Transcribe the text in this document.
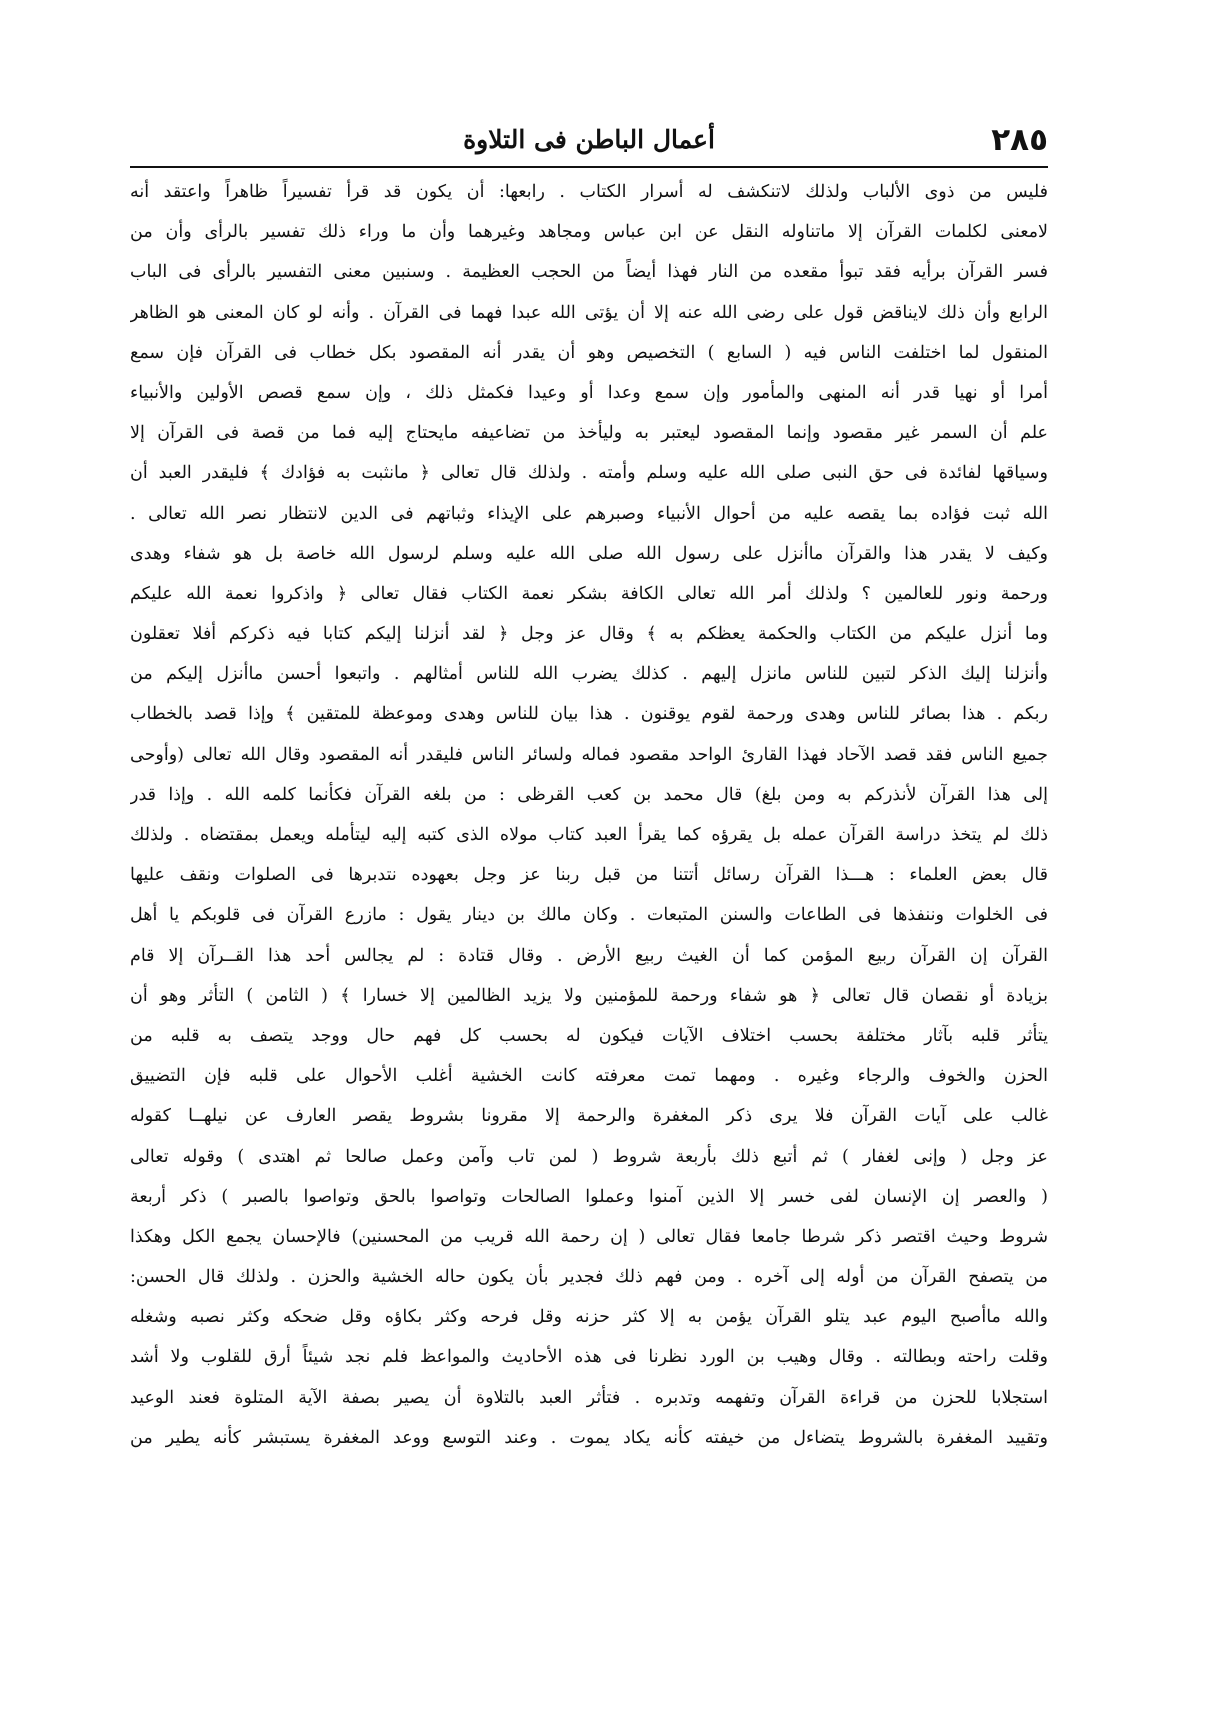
٢٨٥
أعمال الباطن فى التلاوة
فليس من ذوى الألباب ولذلك لاتنكشف له أسرار الكتاب . رابعها: أن يكون قد قرأ تفسيراً ظاهراً واعتقد أنه
لامعنى لكلمات القرآن إلا ماتناوله النقل عن ابن عباس ومجاهد وغيرهما وأن ما وراء ذلك تفسير بالرأى وأن من
فسر القرآن برأيه فقد تبوأ مقعده من النار فهذا أيضاً من الحجب العظيمة . وسنبين معنى التفسير بالرأى فى الباب
الرابع وأن ذلك لايناقض قول على رضى الله عنه إلا أن يؤتى الله عبدا فهما فى القرآن . وأنه لو كان المعنى هو الظاهر
المنقول لما اختلفت الناس فيه ( السابع ) التخصيص وهو أن يقدر أنه المقصود بكل خطاب فى القرآن فإن سمع
أمرا أو نهيا قدر أنه المنهى والمأمور وإن سمع وعدا أو وعيدا فكمثل ذلك ، وإن سمع قصص الأولين والأنبياء
علم أن السمر غير مقصود وإنما المقصود ليعتبر به وليأخذ من تضاعيفه مايحتاج إليه فما من قصة فى القرآن إلا
وسياقها لفائدة فى حق النبى صلى الله عليه وسلم وأمته . ولذلك قال تعالى ﴿ مانثبت به فؤادك ﴾ فليقدر العبد أن
الله ثبت فؤاده بما يقصه عليه من أحوال الأنبياء وصبرهم على الإيذاء وثباتهم فى الدين لانتظار نصر الله تعالى .
وكيف لا يقدر هذا والقرآن ماأنزل على رسول الله صلى الله عليه وسلم لرسول الله خاصة بل هو شفاء وهدى
ورحمة ونور للعالمين ؟ ولذلك أمر الله تعالى الكافة بشكر نعمة الكتاب فقال تعالى ﴿ واذكروا نعمة الله عليكم
وما أنزل عليكم من الكتاب والحكمة يعظكم به ﴾ وقال عز وجل ﴿ لقد أنزلنا إليكم كتابا فيه ذكركم أفلا تعقلون
وأنزلنا إليك الذكر لتبين للناس مانزل إليهم . كذلك يضرب الله للناس أمثالهم . واتبعوا أحسن ماأنزل إليكم من
ربكم . هذا بصائر للناس وهدى ورحمة لقوم يوقنون . هذا بيان للناس وهدى وموعظة للمتقين ﴾ وإذا قصد بالخطاب
جميع الناس فقد قصد الآحاد فهذا القارئ الواحد مقصود فماله ولسائر الناس فليقدر أنه المقصود وقال الله تعالى (وأوحى
إلى هذا القرآن لأنذركم به ومن بلغ) قال محمد بن كعب القرظى : من بلغه القرآن فكأنما كلمه الله . وإذا قدر
ذلك لم يتخذ دراسة القرآن عمله بل يقرؤه كما يقرأ العبد كتاب مولاه الذى كتبه إليه ليتأمله ويعمل بمقتضاه . ولذلك
قال بعض العلماء : هـــذا القرآن رسائل أتتنا من قبل ربنا عز وجل بعهوده نتدبرها فى الصلوات ونقف عليها
فى الخلوات وننفذها فى الطاعات والسنن المتبعات . وكان مالك بن دينار يقول : مازرع القرآن فى قلوبكم يا أهل
القرآن إن القرآن ربيع المؤمن كما أن الغيث ربيع الأرض . وقال قتادة : لم يجالس أحد هذا القــرآن إلا قام
بزيادة أو نقصان قال تعالى ﴿ هو شفاء ورحمة للمؤمنين ولا يزيد الظالمين إلا خسارا ﴾ ( الثامن ) التأثر وهو أن
يتأثر قلبه بآثار مختلفة بحسب اختلاف الآيات فيكون له بحسب كل فهم حال ووجد يتصف به قلبه من
الحزن والخوف والرجاء وغيره . ومهما تمت معرفته كانت الخشية أغلب الأحوال على قلبه فإن التضييق
غالب على آيات القرآن فلا يرى ذكر المغفرة والرحمة إلا مقرونا بشروط يقصر العارف عن نيلهــا كقوله
عز وجل ( وإنى لغفار ) ثم أتبع ذلك بأربعة شروط ( لمن تاب وآمن وعمل صالحا ثم اهتدى ) وقوله تعالى
( والعصر إن الإنسان لفى خسر إلا الذين آمنوا وعملوا الصالحات وتواصوا بالحق وتواصوا بالصبر ) ذكر أربعة
شروط وحيث اقتصر ذكر شرطا جامعا فقال تعالى ( إن رحمة الله قريب من المحسنين) فالإحسان يجمع الكل وهكذا
من يتصفح القرآن من أوله إلى آخره . ومن فهم ذلك فجدير بأن يكون حاله الخشية والحزن . ولذلك قال الحسن:
والله ماأصبح اليوم عبد يتلو القرآن يؤمن به إلا كثر حزنه وقل فرحه وكثر بكاؤه وقل ضحكه وكثر نصبه وشغله
وقلت راحته وبطالته . وقال وهيب بن الورد نظرنا فى هذه الأحاديث والمواعظ فلم نجد شيئاً أرق للقلوب ولا أشد
استجلابا للحزن من قراءة القرآن وتفهمه وتدبره . فتأثر العبد بالتلاوة أن يصير بصفة الآية المتلوة فعند الوعيد
وتقييد المغفرة بالشروط يتضاءل من خيفته كأنه يكاد يموت . وعند التوسع ووعد المغفرة يستبشر كأنه يطير من
